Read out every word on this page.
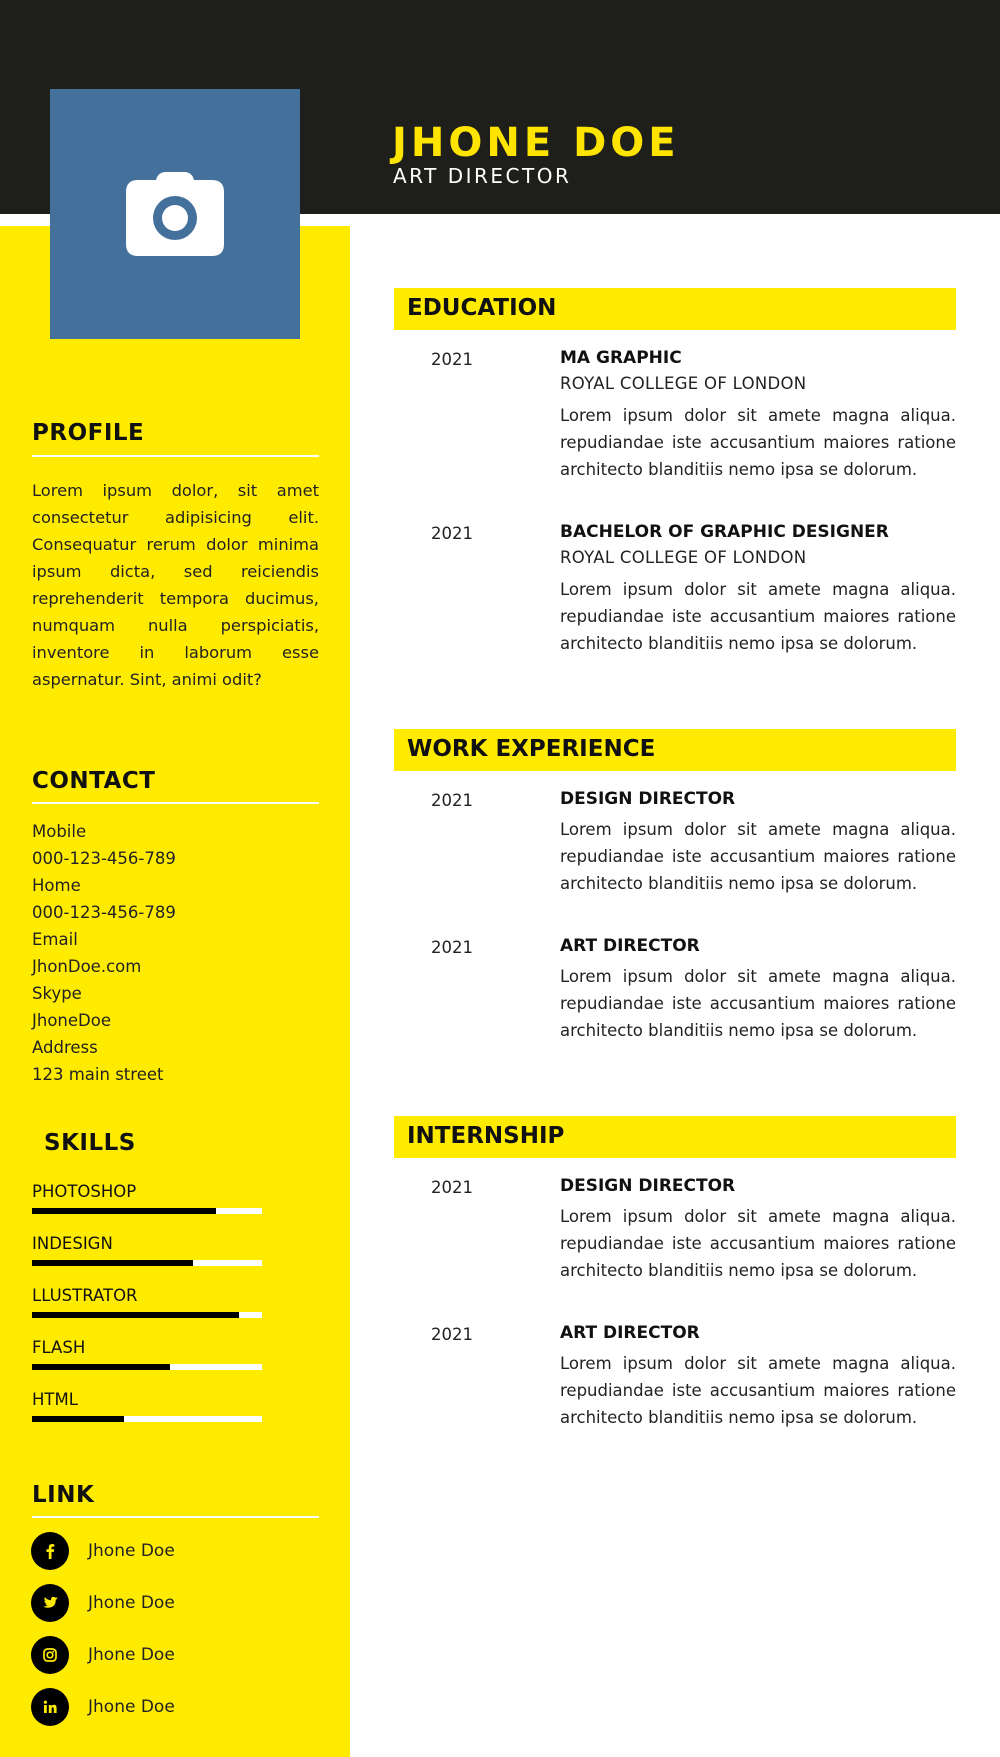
JHONE DOE
ART DIRECTOR
PROFILE

Lorem ipsum dolor, sit amet consectetur adipisicing elit. Consequatur rerum dolor minima ipsum dicta, sed reiciendis reprehenderit tempora ducimus, numquam nulla perspiciatis, inventore in laborum esse aspernatur. Sint, animi odit?

CONTACT
Mobile
000-123-456-789
Home
000-123-456-789
Email
JhonDoe.com
Skype
JhoneDoe
Address
123 main street
SKILLS
PHOTOSHOP
INDESIGN
LLUSTRATOR
FLASH
HTML
LINK
Jhone Doe
Jhone Doe
Jhone Doe
Jhone Doe
EDUCATION
2021	MA GRAPHIC
ROYAL COLLEGE OF LONDON
Lorem ipsum dolor sit amete magna aliqua. repudiandae iste accusantium maiores ratione architecto blanditiis nemo ipsa se dolorum.
2021	BACHELOR OF GRAPHIC DESIGNER
ROYAL COLLEGE OF LONDON
Lorem ipsum dolor sit amete magna aliqua. repudiandae iste accusantium maiores ratione architecto blanditiis nemo ipsa se dolorum.
WORK EXPERIENCE
2021	DESIGN DIRECTOR
Lorem ipsum dolor sit amete magna aliqua. repudiandae iste accusantium maiores ratione architecto blanditiis nemo ipsa se dolorum.
2021	ART DIRECTOR
Lorem ipsum dolor sit amete magna aliqua. repudiandae iste accusantium maiores ratione architecto blanditiis nemo ipsa se dolorum.
INTERNSHIP
2021	DESIGN DIRECTOR
Lorem ipsum dolor sit amete magna aliqua. repudiandae iste accusantium maiores ratione architecto blanditiis nemo ipsa se dolorum.
2021	ART DIRECTOR
Lorem ipsum dolor sit amete magna aliqua. repudiandae iste accusantium maiores ratione architecto blanditiis nemo ipsa se dolorum.
